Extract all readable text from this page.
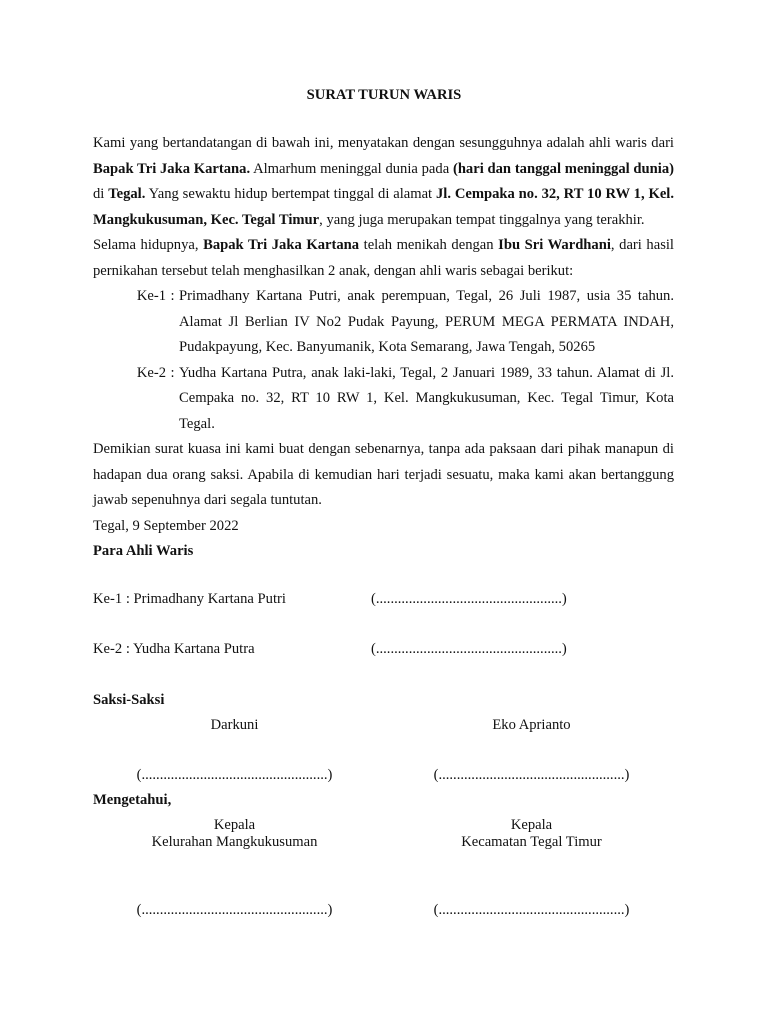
SURAT TURUN WARIS

Kami yang bertandatangan di bawah ini, menyatakan dengan sesungguhnya adalah ahli waris dari Bapak Tri Jaka Kartana. Almarhum meninggal dunia pada (hari dan tanggal meninggal dunia) di Tegal. Yang sewaktu hidup bertempat tinggal di alamat Jl. Cempaka no. 32, RT 10 RW 1, Kel. Mangkukusuman, Kec. Tegal Timur, yang juga merupakan tempat tinggalnya yang terakhir.

Selama hidupnya, Bapak Tri Jaka Kartana telah menikah dengan Ibu Sri Wardhani, dari hasil pernikahan tersebut telah menghasilkan 2 anak, dengan ahli waris sebagai berikut:

Ke-1 : Primadhany Kartana Putri, anak perempuan, Tegal, 26 Juli 1987, usia 35 tahun. Alamat Jl Berlian IV No2 Pudak Payung, PERUM MEGA PERMATA INDAH, Pudakpayung, Kec. Banyumanik, Kota Semarang, Jawa Tengah, 50265
Ke-2 : Yudha Kartana Putra, anak laki-laki, Tegal, 2 Januari 1989, 33 tahun. Alamat di Jl. Cempaka no. 32, RT 10 RW 1, Kel. Mangkukusuman, Kec. Tegal Timur, Kota Tegal.

Demikian surat kuasa ini kami buat dengan sebenarnya, tanpa ada paksaan dari pihak manapun di hadapan dua orang saksi. Apabila di kemudian hari terjadi sesuatu, maka kami akan bertanggung jawab sepenuhnya dari segala tuntutan.

Tegal, 9 September 2022

Para Ahli Waris

Ke-1 : Primadhany Kartana Putri	(...................................................)
Ke-2 : Yudha Kartana Putra	(...................................................)
Saksi-Saksi
Darkuni	Eko Aprianto
(...................................................)	(...................................................)
Mengetahui,
Kepala	Kepala
Kelurahan Mangkukusuman	Kecamatan Tegal Timur
(...................................................)	(...................................................)
